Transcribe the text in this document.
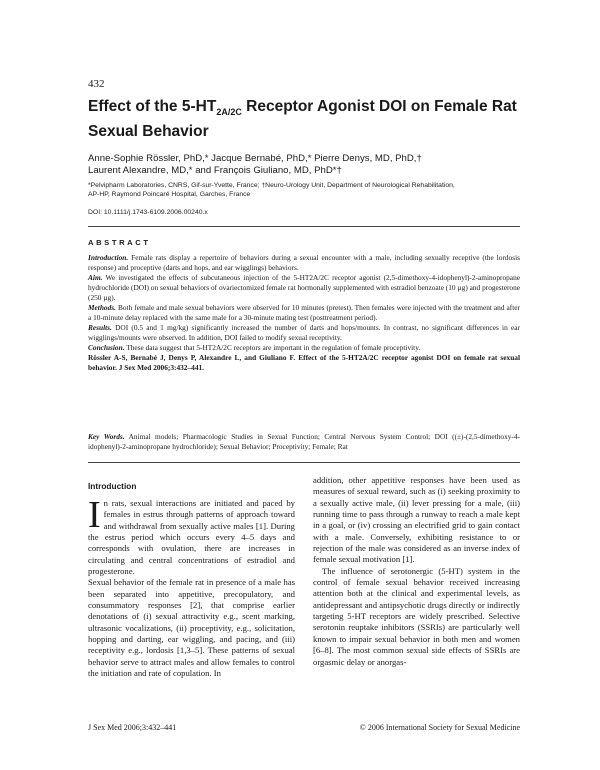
432
Effect of the $5-HT_{2A/2C}$ Receptor Agonist DOI on Female Rat
Sexual Behavior
Anne-Sophie Rössler, PhD,* Jacque Bernabé, PhD,* Pierre Denys, MD, PhD,†
Laurent Alexandre, MD,* and François Giuliano, MD, PhD*†
*Pelvipharm Laboratories, CNRS, Gif-sur-Yvette, France; †Neuro-Urology Unit, Department of Neurological Rehabilitation,
AP-HP, Raymond Poincaré Hospital, Garches, France
DOI: 10.1111/j.1743-6109.2006.00240.x
ABSTRACT

Introduction. Female rats display a repertoire of behaviors during a sexual encounter with a male, including sexually receptive (the lordosis response) and proceptive (darts and hops, and ear wigglings) behaviors.

Aim. We investigated the effects of subcutaneous injection of the 5-HT2A/2C receptor agonist (2,5-dimethoxy-4-idophenyl)-2-aminopropane hydrochloride (DOI) on sexual behaviors of ovariectomized female rat hormonally supplemented with estradiol benzoate (10 µg) and progesterone (250 µg).

Methods. Both female and male sexual behaviors were observed for 10 minutes (pretest). Then females were injected with the treatment and after a 10-minute delay replaced with the same male for a 30-minute mating test (posttreatment period).

Results. DOI (0.5 and 1 mg/kg) significantly increased the number of darts and hops/mounts. In contrast, no significant differences in ear wigglings/mounts were observed. In addition, DOI failed to modify sexual receptivity.

Conclusion. These data suggest that 5-HT2A/2C receptors are important in the regulation of female proceptivity.

Rössler A-S, Bernabé J, Denys P, Alexandre L, and Giuliano F. Effect of the 5-HT2A/2C receptor agonist DOI on female rat sexual behavior. J Sex Med 2006;3:432–441.

Key Words. Animal models; Pharmacologic Studies in Sexual Function; Central Nervous System Control; DOI ((±)-(2,5-dimethoxy-4-idophenyl)-2-aminopropane hydrochloride); Sexual Behavior; Proceptivity; Female; Rat
Introduction

In rats, sexual interactions are initiated and paced by females in estrus through patterns of approach toward and withdrawal from sexually active males [1]. During the estrus period which occurs every 4–5 days and corresponds with ovulation, there are increases in circulating and central concentrations of estradiol and progesterone.

Sexual behavior of the female rat in presence of a male has been separated into appetitive, precopulatory, and consummatory responses [2], that comprise earlier denotations of (i) sexual attractivity e.g., scent marking, ultrasonic vocalizations, (ii) proceptivity, e.g., solicitation, hopping and darting, ear wiggling, and pacing, and (iii) receptivity e.g., lordosis [1,3–5]. These patterns of sexual behavior serve to attract males and allow females to control the initiation and rate of copulation. In

addition, other appetitive responses have been used as measures of sexual reward, such as (i) seeking proximity to a sexually active male, (ii) lever pressing for a male, (iii) running time to pass through a runway to reach a male kept in a goal, or (iv) crossing an electrified grid to gain contact with a male. Conversely, exhibiting resistance to or rejection of the male was considered as an inverse index of female sexual motivation [1].

The influence of serotonergic (5-HT) system in the control of female sexual behavior received increasing attention both at the clinical and experimental levels, as antidepressant and antipsychotic drugs directly or indirectly targeting 5-HT receptors are widely prescribed. Selective serotonin reuptake inhibitors (SSRIs) are particularly well known to impair sexual behavior in both men and women [6–8]. The most common sexual side effects of SSRIs are orgasmic delay or anorgas-

J Sex Med 2006;3:432–441	© 2006 International Society for Sexual Medicine
